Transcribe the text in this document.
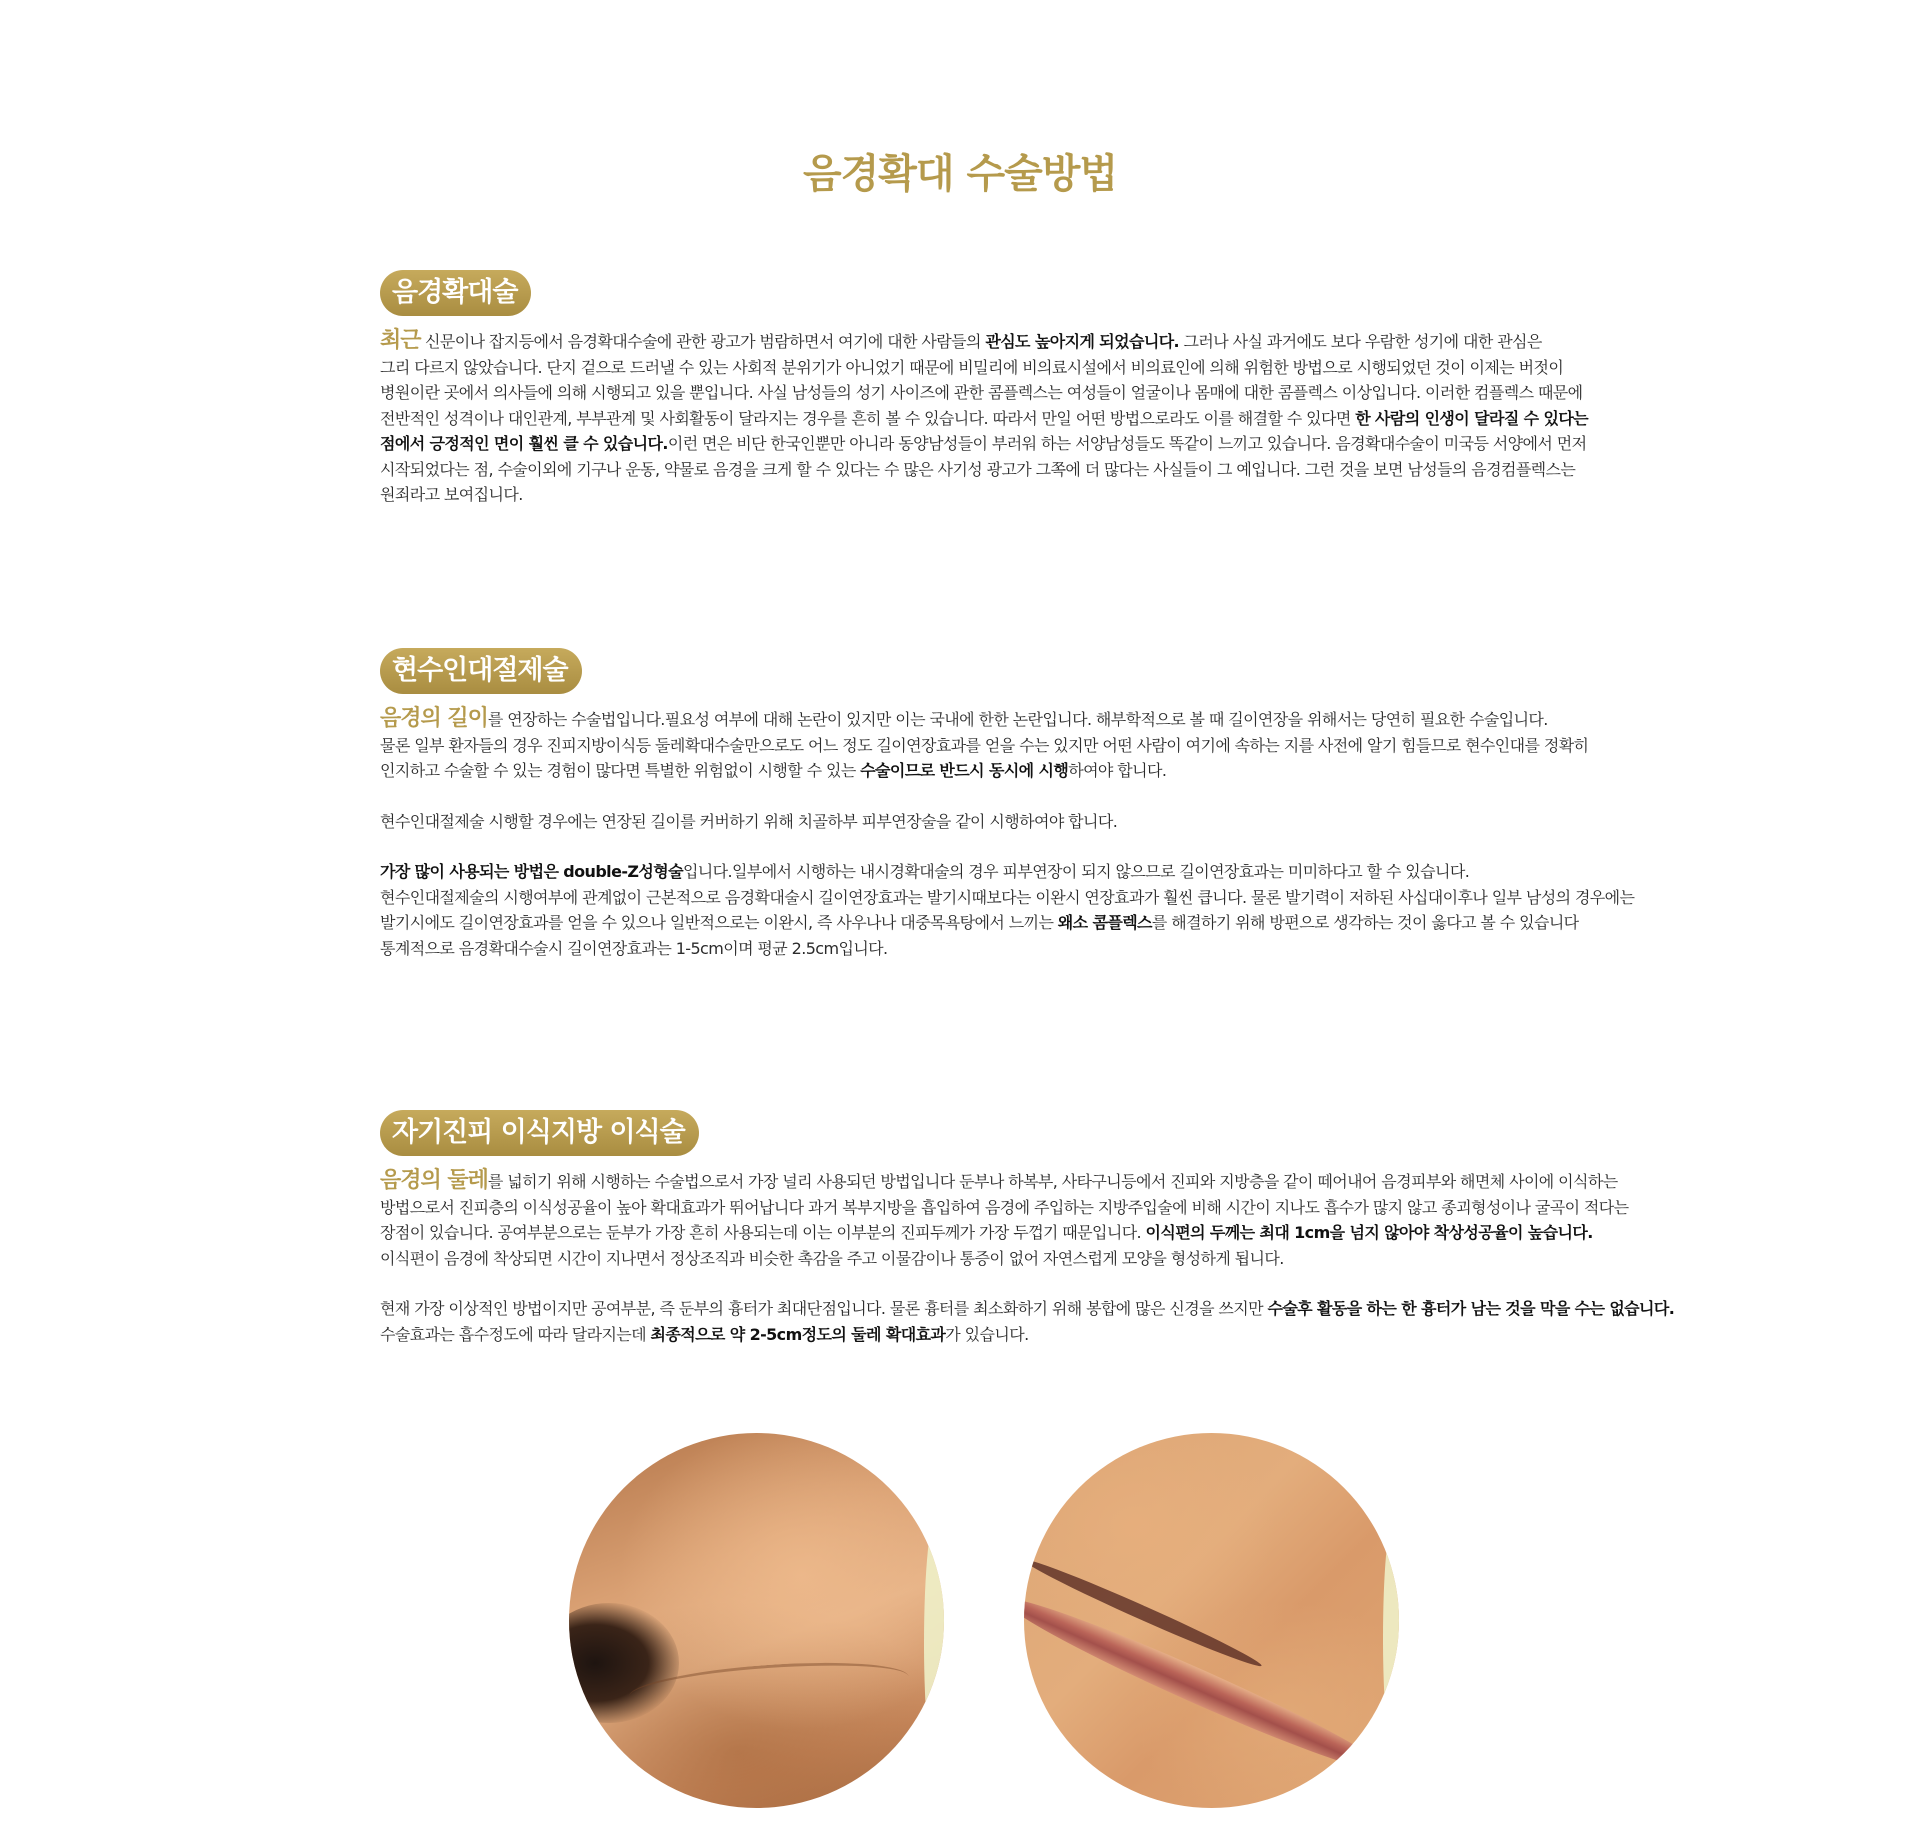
음경확대 수술방법
음경확대술

최근 신문이나 잡지등에서 음경확대수술에 관한 광고가 범람하면서 여기에 대한 사람들의 관심도 높아지게 되었습니다. 그러나 사실 과거에도 보다 우람한 성기에 대한 관심은

그리 다르지 않았습니다. 단지 겉으로 드러낼 수 있는 사회적 분위기가 아니었기 때문에 비밀리에 비의료시설에서 비의료인에 의해 위험한 방법으로 시행되었던 것이 이제는 버젓이

병원이란 곳에서 의사들에 의해 시행되고 있을 뿐입니다. 사실 남성들의 성기 사이즈에 관한 콤플렉스는 여성들이 얼굴이나 몸매에 대한 콤플렉스 이상입니다. 이러한 컴플렉스 때문에

전반적인 성격이나 대인관계, 부부관계 및 사회활동이 달라지는 경우를 흔히 볼 수 있습니다. 따라서 만일 어떤 방법으로라도 이를 해결할 수 있다면 한 사람의 인생이 달라질 수 있다는

점에서 긍정적인 면이 훨씬 클 수 있습니다.이런 면은 비단 한국인뿐만 아니라 동양남성들이 부러워 하는 서양남성들도 똑같이 느끼고 있습니다. 음경확대수술이 미국등 서양에서 먼저

시작되었다는 점, 수술이외에 기구나 운동, 약물로 음경을 크게 할 수 있다는 수 많은 사기성 광고가 그쪽에 더 많다는 사실들이 그 예입니다. 그런 것을 보면 남성들의 음경컴플렉스는

원죄라고 보여집니다.

현수인대절제술

음경의 길이를 연장하는 수술법입니다.필요성 여부에 대해 논란이 있지만 이는 국내에 한한 논란입니다. 해부학적으로 볼 때 길이연장을 위해서는 당연히 필요한 수술입니다.

물론 일부 환자들의 경우 진피지방이식등 둘레확대수술만으로도 어느 정도 길이연장효과를 얻을 수는 있지만 어떤 사람이 여기에 속하는 지를 사전에 알기 힘들므로 현수인대를 정확히

인지하고 수술할 수 있는 경험이 많다면 특별한 위험없이 시행할 수 있는 수술이므로 반드시 동시에 시행하여야 합니다.

현수인대절제술 시행할 경우에는 연장된 길이를 커버하기 위해 치골하부 피부연장술을 같이 시행하여야 합니다.

가장 많이 사용되는 방법은 double-Z성형술입니다.일부에서 시행하는 내시경확대술의 경우 피부연장이 되지 않으므로 길이연장효과는 미미하다고 할 수 있습니다.

현수인대절제술의 시행여부에 관계없이 근본적으로 음경확대술시 길이연장효과는 발기시때보다는 이완시 연장효과가 훨씬 큽니다. 물론 발기력이 저하된 사십대이후나 일부 남성의 경우에는

발기시에도 길이연장효과를 얻을 수 있으나 일반적으로는 이완시, 즉 사우나나 대중목욕탕에서 느끼는 왜소 콤플렉스를 해결하기 위해 방편으로 생각하는 것이 옳다고 볼 수 있습니다

통계적으로 음경확대수술시 길이연장효과는 1-5cm이며 평균 2.5cm입니다.

자기진피 이식지방 이식술

음경의 둘레를 넓히기 위해 시행하는 수술법으로서 가장 널리 사용되던 방법입니다 둔부나 하복부, 사타구니등에서 진피와 지방층을 같이 떼어내어 음경피부와 해면체 사이에 이식하는

방법으로서 진피층의 이식성공율이 높아 확대효과가 뛰어납니다 과거 복부지방을 흡입하여 음경에 주입하는 지방주입술에 비해 시간이 지나도 흡수가 많지 않고 종괴형성이나 굴곡이 적다는

장점이 있습니다. 공여부분으로는 둔부가 가장 흔히 사용되는데 이는 이부분의 진피두께가 가장 두껍기 때문입니다. 이식편의 두께는 최대 1cm을 넘지 않아야 착상성공율이 높습니다.

이식편이 음경에 착상되면 시간이 지나면서 정상조직과 비슷한 촉감을 주고 이물감이나 통증이 없어 자연스럽게 모양을 형성하게 됩니다.

현재 가장 이상적인 방법이지만 공여부분, 즉 둔부의 흉터가 최대단점입니다. 물론 흉터를 최소화하기 위해 봉합에 많은 신경을 쓰지만 수술후 활동을 하는 한 흉터가 남는 것을 막을 수는 없습니다.

수술효과는 흡수정도에 따라 달라지는데 최종적으로 약 2-5cm정도의 둘레 확대효과가 있습니다.
